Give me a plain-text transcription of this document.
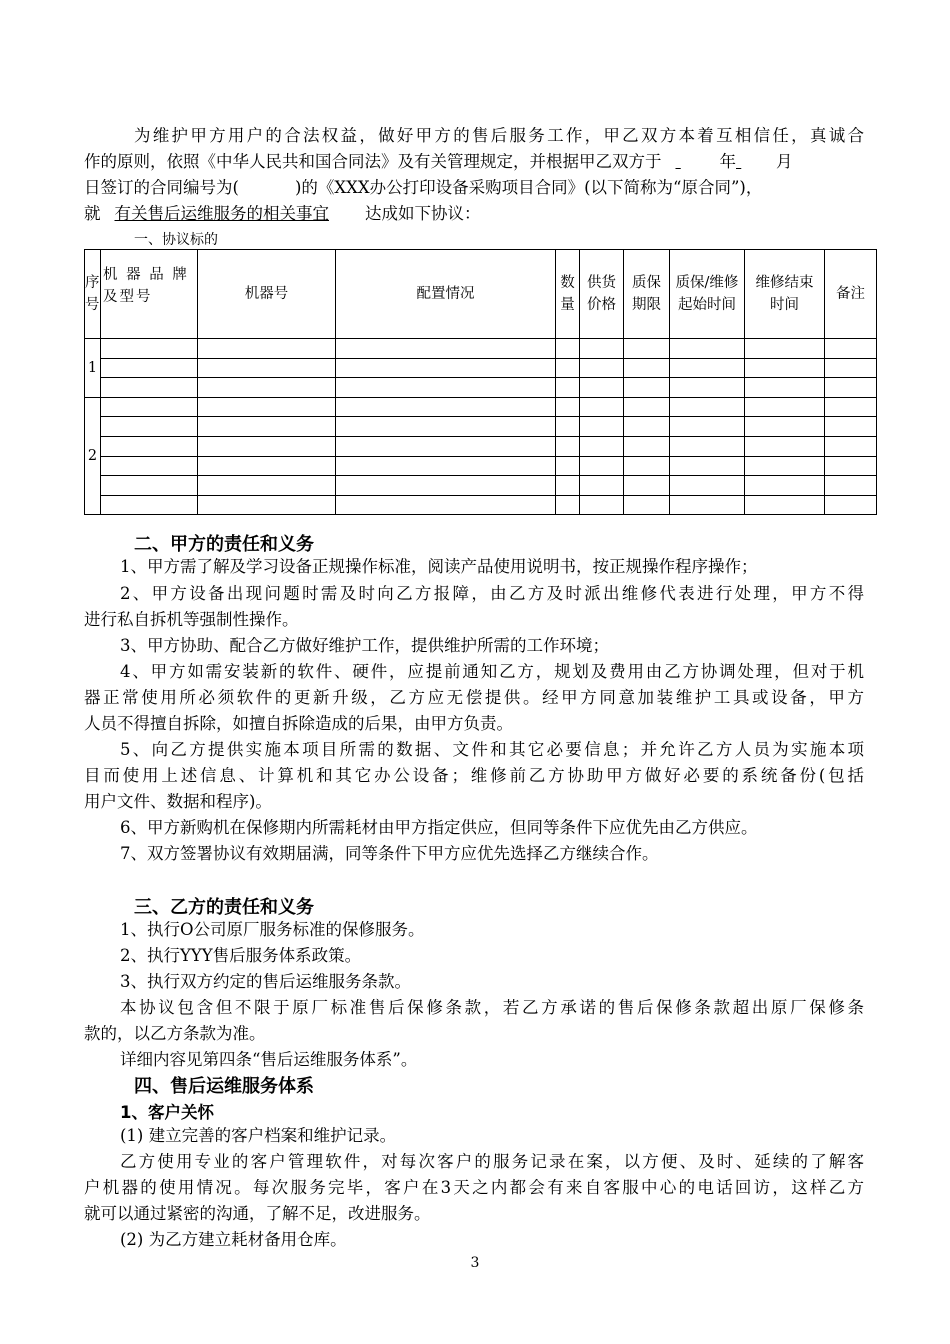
为维护甲方用户的合法权益，做好甲方的售后服务工作，甲乙双方本着互相信任，真诚合
作的原则，依照《中华人民共和国合同法》及有关管理规定，并根据甲乙双方于	年 月
日签订的合同编号为(	)的《XXX办公打印设备采购项目合同》(以下简称为“原合同”)，
就 有关售后运维服务的相关事宜 达成如下协议：
一、协议标的
序号	机 器 品 牌 及型号	机器号	配置情况	数量	供货价格	质保期限	质保/维修起始时间	维修结束时间	备注
1									

2									

二、甲方的责任和义务
1、甲方需了解及学习设备正规操作标准，阅读产品使用说明书，按正规操作程序操作；
2、甲方设备出现问题时需及时向乙方报障，由乙方及时派出维修代表进行处理，甲方不得
进行私自拆机等强制性操作。
3、甲方协助、配合乙方做好维护工作，提供维护所需的工作环境；
4、甲方如需安装新的软件、硬件，应提前通知乙方，规划及费用由乙方协调处理，但对于机
器正常使用所必须软件的更新升级，乙方应无偿提供。经甲方同意加装维护工具或设备，甲方
人员不得擅自拆除，如擅自拆除造成的后果，由甲方负责。
5、向乙方提供实施本项目所需的数据、文件和其它必要信息；并允许乙方人员为实施本项
目而使用上述信息、计算机和其它办公设备；维修前乙方协助甲方做好必要的系统备份(包括
用户文件、数据和程序)。
6、甲方新购机在保修期内所需耗材由甲方指定供应，但同等条件下应优先由乙方供应。
7、双方签署协议有效期届满，同等条件下甲方应优先选择乙方继续合作。
三、乙方的责任和义务
1、执行O公司原厂服务标准的保修服务。
2、执行YYY售后服务体系政策。
3、执行双方约定的售后运维服务条款。
本协议包含但不限于原厂标准售后保修条款，若乙方承诺的售后保修条款超出原厂保修条
款的，以乙方条款为准。
详细内容见第四条“售后运维服务体系”。
四、售后运维服务体系
1、客户关怀
(1) 建立完善的客户档案和维护记录。
乙方使用专业的客户管理软件，对每次客户的服务记录在案，以方便、及时、延续的了解客
户机器的使用情况。每次服务完毕，客户在3天之内都会有来自客服中心的电话回访，这样乙方
就可以通过紧密的沟通，了解不足，改进服务。
(2) 为乙方建立耗材备用仓库。
3
